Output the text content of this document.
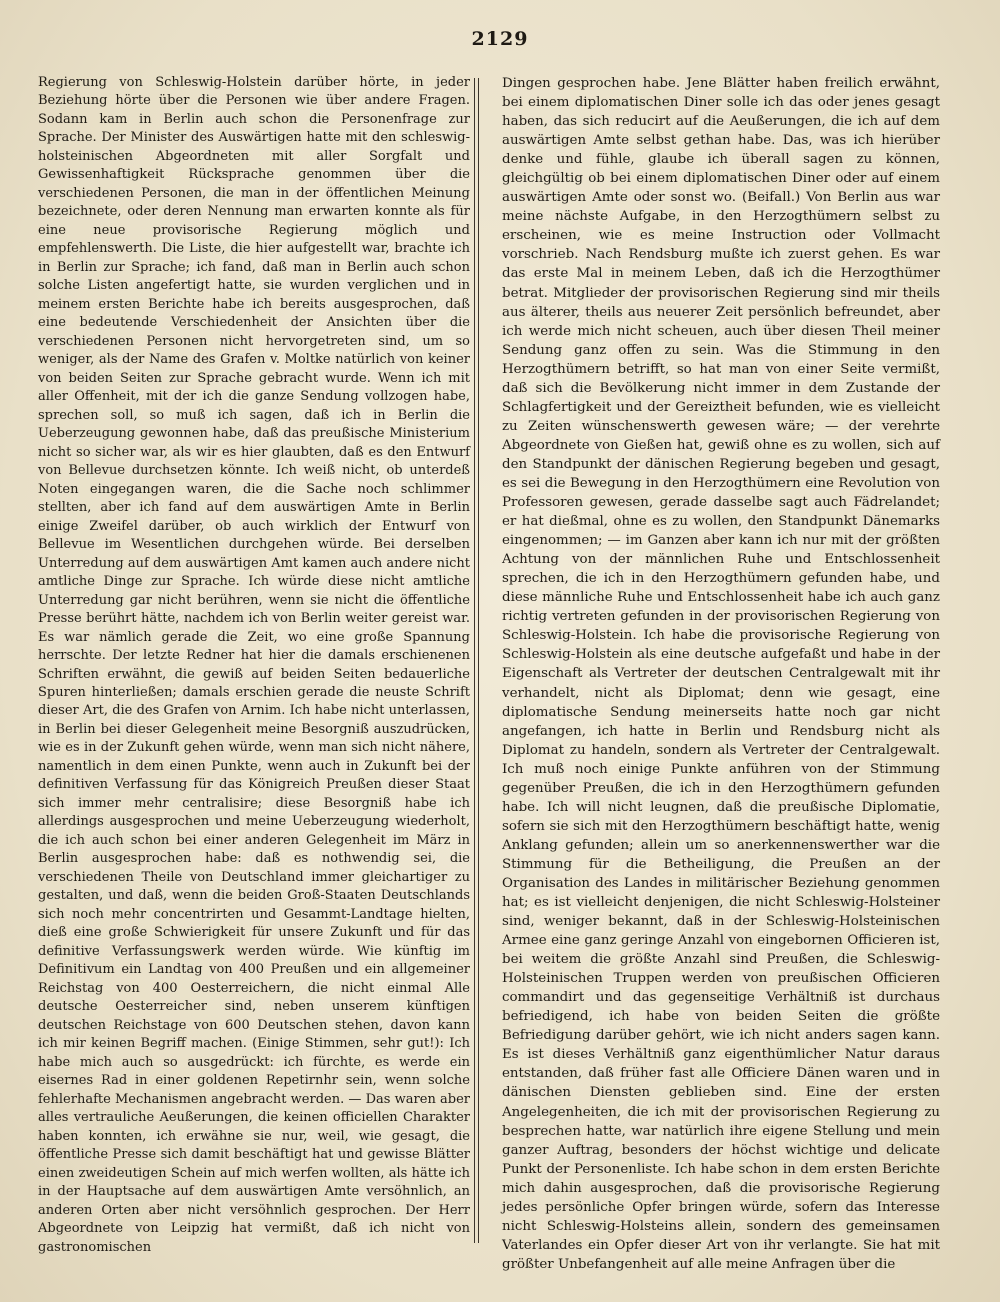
2129

Regierung von Schleswig-Holstein darüber hörte, in jeder Beziehung hörte über die Personen wie über andere Fragen. Sodann kam in Berlin auch schon die Personenfrage zur Sprache. Der Minister des Auswärtigen hatte mit den schleswig-holsteinischen Abgeordneten mit aller Sorgfalt und Gewissenhaftigkeit Rücksprache genommen über die verschiedenen Personen, die man in der öffentlichen Meinung bezeichnete, oder deren Nennung man erwarten konnte als für eine neue provisorische Regierung möglich und empfehlenswerth. Die Liste, die hier aufgestellt war, brachte ich in Berlin zur Sprache; ich fand, daß man in Berlin auch schon solche Listen angefertigt hatte, sie wurden verglichen und in meinem ersten Berichte habe ich bereits ausgesprochen, daß eine bedeutende Verschiedenheit der Ansichten über die verschiedenen Personen nicht hervorgetreten sind, um so weniger, als der Name des Grafen v. Moltke natürlich von keiner von beiden Seiten zur Sprache gebracht wurde. Wenn ich mit aller Offenheit, mit der ich die ganze Sendung vollzogen habe, sprechen soll, so muß ich sagen, daß ich in Berlin die Ueberzeugung gewonnen habe, daß das preußische Ministerium nicht so sicher war, als wir es hier glaubten, daß es den Entwurf von Bellevue durchsetzen könnte. Ich weiß nicht, ob unterdeß Noten eingegangen waren, die die Sache noch schlimmer stellten, aber ich fand auf dem auswärtigen Amte in Berlin einige Zweifel darüber, ob auch wirklich der Entwurf von Bellevue im Wesentlichen durchgehen würde. Bei derselben Unterredung auf dem auswärtigen Amt kamen auch andere nicht amtliche Dinge zur Sprache. Ich würde diese nicht amtliche Unterredung gar nicht berühren, wenn sie nicht die öffentliche Presse berührt hätte, nachdem ich von Berlin weiter gereist war. Es war nämlich gerade die Zeit, wo eine große Spannung herrschte. Der letzte Redner hat hier die damals erschienenen Schriften erwähnt, die gewiß auf beiden Seiten bedauerliche Spuren hinterließen; damals erschien gerade die neuste Schrift dieser Art, die des Grafen von Arnim. Ich habe nicht unterlassen, in Berlin bei dieser Gelegenheit meine Besorgniß auszudrücken, wie es in der Zukunft gehen würde, wenn man sich nicht nähere, namentlich in dem einen Punkte, wenn auch in Zukunft bei der definitiven Verfassung für das Königreich Preußen dieser Staat sich immer mehr centralisire; diese Besorgniß habe ich allerdings ausgesprochen und meine Ueberzeugung wiederholt, die ich auch schon bei einer anderen Gelegenheit im März in Berlin ausgesprochen habe: daß es nothwendig sei, die verschiedenen Theile von Deutschland immer gleichartiger zu gestalten, und daß, wenn die beiden Groß-Staaten Deutschlands sich noch mehr concentrirten und Gesammt-Landtage hielten, dieß eine große Schwierigkeit für unsere Zukunft und für das definitive Verfassungswerk werden würde. Wie künftig im Definitivum ein Landtag von 400 Preußen und ein allgemeiner Reichstag von 400 Oesterreichern, die nicht einmal Alle deutsche Oesterreicher sind, neben unserem künftigen deutschen Reichstage von 600 Deutschen stehen, davon kann ich mir keinen Begriff machen. (Einige Stimmen, sehr gut!): Ich habe mich auch so ausgedrückt: ich fürchte, es werde ein eisernes Rad in einer goldenen Repetirnhr sein, wenn solche fehlerhafte Mechanismen angebracht werden. — Das waren aber alles vertrauliche Aeußerungen, die keinen officiellen Charakter haben konnten, ich erwähne sie nur, weil, wie gesagt, die öffentliche Presse sich damit beschäftigt hat und gewisse Blätter einen zweideutigen Schein auf mich werfen wollten, als hätte ich in der Hauptsache auf dem auswärtigen Amte versöhnlich, an anderen Orten aber nicht versöhnlich gesprochen. Der Herr Abgeordnete von Leipzig hat vermißt, daß ich nicht von gastronomischen

Dingen gesprochen habe. Jene Blätter haben freilich erwähnt, bei einem diplomatischen Diner solle ich das oder jenes gesagt haben, das sich reducirt auf die Aeußerungen, die ich auf dem auswärtigen Amte selbst gethan habe. Das, was ich hierüber denke und fühle, glaube ich überall sagen zu können, gleichgültig ob bei einem diplomatischen Diner oder auf einem auswärtigen Amte oder sonst wo. (Beifall.) Von Berlin aus war meine nächste Aufgabe, in den Herzogthümern selbst zu erscheinen, wie es meine Instruction oder Vollmacht vorschrieb. Nach Rendsburg mußte ich zuerst gehen. Es war das erste Mal in meinem Leben, daß ich die Herzogthümer betrat. Mitglieder der provisorischen Regierung sind mir theils aus älterer, theils aus neuerer Zeit persönlich befreundet, aber ich werde mich nicht scheuen, auch über diesen Theil meiner Sendung ganz offen zu sein. Was die Stimmung in den Herzogthümern betrifft, so hat man von einer Seite vermißt, daß sich die Bevölkerung nicht immer in dem Zustande der Schlagfertigkeit und der Gereiztheit befunden, wie es vielleicht zu Zeiten wünschenswerth gewesen wäre; — der verehrte Abgeordnete von Gießen hat, gewiß ohne es zu wollen, sich auf den Standpunkt der dänischen Regierung begeben und gesagt, es sei die Bewegung in den Herzogthümern eine Revolution von Professoren gewesen, gerade dasselbe sagt auch Fädrelandet; er hat dießmal, ohne es zu wollen, den Standpunkt Dänemarks eingenommen; — im Ganzen aber kann ich nur mit der größten Achtung von der männlichen Ruhe und Entschlossenheit sprechen, die ich in den Herzogthümern gefunden habe, und diese männliche Ruhe und Entschlossenheit habe ich auch ganz richtig vertreten gefunden in der provisorischen Regierung von Schleswig-Holstein. Ich habe die provisorische Regierung von Schleswig-Holstein als eine deutsche aufgefaßt und habe in der Eigenschaft als Vertreter der deutschen Centralgewalt mit ihr verhandelt, nicht als Diplomat; denn wie gesagt, eine diplomatische Sendung meinerseits hatte noch gar nicht angefangen, ich hatte in Berlin und Rendsburg nicht als Diplomat zu handeln, sondern als Vertreter der Centralgewalt. Ich muß noch einige Punkte anführen von der Stimmung gegenüber Preußen, die ich in den Herzogthümern gefunden habe. Ich will nicht leugnen, daß die preußische Diplomatie, sofern sie sich mit den Herzogthümern beschäftigt hatte, wenig Anklang gefunden; allein um so anerkennenswerther war die Stimmung für die Betheiligung, die Preußen an der Organisation des Landes in militärischer Beziehung genommen hat; es ist vielleicht denjenigen, die nicht Schleswig-Holsteiner sind, weniger bekannt, daß in der Schleswig-Holsteinischen Armee eine ganz geringe Anzahl von eingebornen Officieren ist, bei weitem die größte Anzahl sind Preußen, die Schleswig-Holsteinischen Truppen werden von preußischen Officieren commandirt und das gegenseitige Verhältniß ist durchaus befriedigend, ich habe von beiden Seiten die größte Befriedigung darüber gehört, wie ich nicht anders sagen kann. Es ist dieses Verhältniß ganz eigenthümlicher Natur daraus entstanden, daß früher fast alle Officiere Dänen waren und in dänischen Diensten geblieben sind. Eine der ersten Angelegenheiten, die ich mit der provisorischen Regierung zu besprechen hatte, war natürlich ihre eigene Stellung und mein ganzer Auftrag, besonders der höchst wichtige und delicate Punkt der Personenliste. Ich habe schon in dem ersten Berichte mich dahin ausgesprochen, daß die provisorische Regierung jedes persönliche Opfer bringen würde, sofern das Interesse nicht Schleswig-Holsteins allein, sondern des gemeinsamen Vaterlandes ein Opfer dieser Art von ihr verlangte. Sie hat mit größter Unbefangenheit auf alle meine Anfragen über die
